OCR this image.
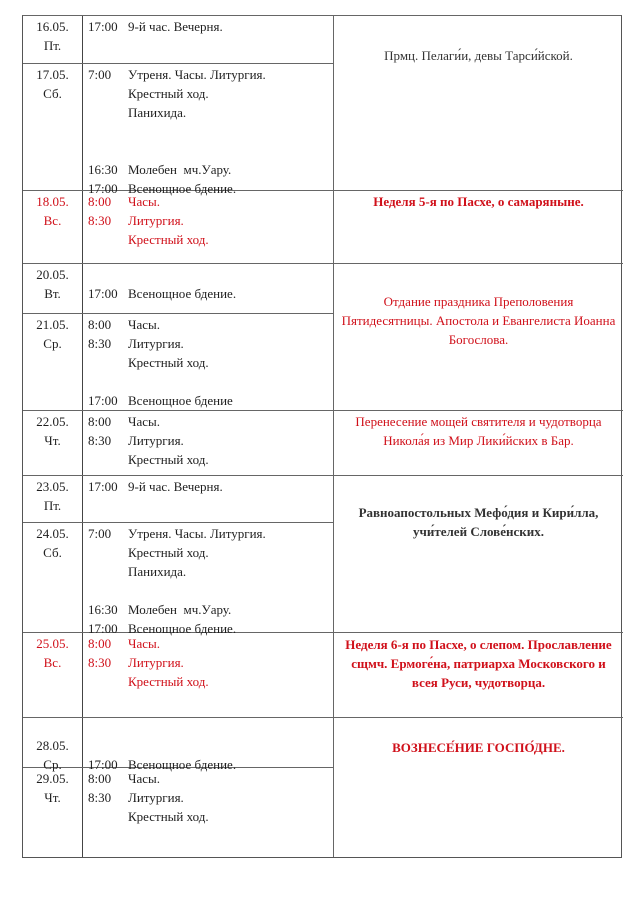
16.05.
Пт.
17:00 9-й час. Вечерня.
17.05.
Сб.
7:00 Утреня. Часы. Литургия.
Крестный ход.
Панихида.
16:30 Молебен  мч.Уару.
17:00 Всенощное бдение.
18.05.
Вс.
8:00 Часы.
8:30 Литургия.
Крестный ход.
20.05.
Вт.	17:00 Всенощное бдение.
21.05.
Ср.
8:00 Часы.
8:30 Литургия.
Крестный ход.
17:00 Всенощное бдение
22.05.
Чт.
8:00 Часы.
8:30 Литургия.
Крестный ход.
23.05.
Пт.
17:00 9-й час. Вечерня.
24.05.
Сб.
7:00 Утреня. Часы. Литургия.
Крестный ход.
Панихида.
16:30 Молебен  мч.Уару.
17:00 Всенощное бдение.
25.05.
Вс.
8:00 Часы.
8:30 Литургия.
Крестный ход.
28.05.
Ср.	17:00 Всенощное бдение.
29.05.
Чт.
8:00 Часы.
8:30 Литургия.
Крестный ход.
Прмц. Пелаги́и, девы Тарси́йской.
Неделя 5-я по Пасхе, о самаряныне.
Отдание праздника Преполовения Пятидесятницы. Апостола и Евангелиста Иоанна Богослова.
Перенесение мощей святителя и чудотворца Никола́я из Мир Лики́йских в Бар.
Равноапостольных Мефо́дия и Кири́лла, учи́телей Слове́нских.
Неделя 6-я по Пасхе, о слепом. Прославление сщмч. Ермоге́на, патриарха Московского и всея Руси, чудотворца.
ВОЗНЕСЕ́НИЕ ГОСПО́ДНЕ.
